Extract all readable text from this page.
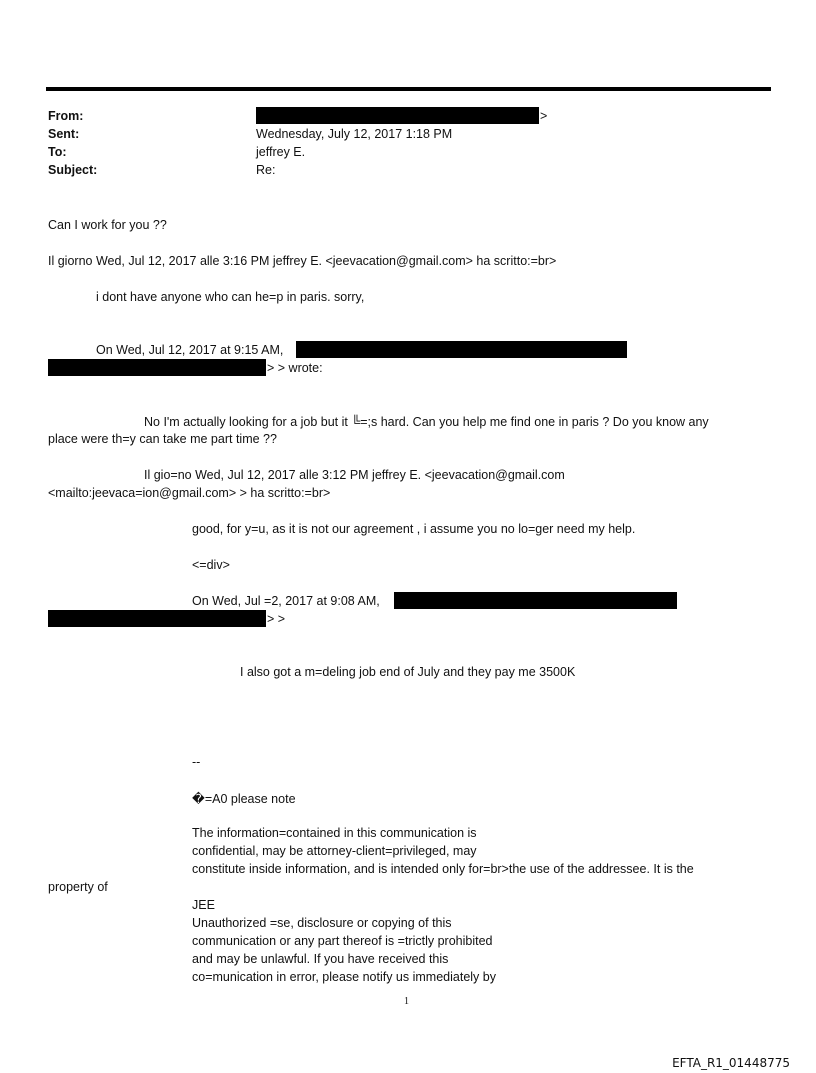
From:	>
Sent:	Wednesday, July 12, 2017 1:18 PM
To:	jeffrey E.
Subject:	Re:
Can I work for you ??
Il giorno Wed, Jul 12, 2017 alle 3:16 PM jeffrey E. <jeevacation@gmail.com> ha scritto:=br>
i dont have anyone who can he=p in paris. sorry,
On Wed, Jul 12, 2017 at 9:15 AM,
> > wrote:
No I'm actually looking for a job but it ╚=;s hard. Can you help me find one in paris ? Do you know any
place were th=y can take me part time ??
Il gio=no Wed, Jul 12, 2017 alle 3:12 PM jeffrey E. <jeevacation@gmail.com
<mailto:jeevaca=ion@gmail.com> > ha scritto:=br>
good, for y=u, as it is not our agreement , i assume you no lo=ger need my help.
<=div>
On Wed, Jul =2, 2017 at 9:08 AM,
> >
I also got a m=deling job end of July and they pay me 3500K
--
�=A0 please note
The information=contained in this communication is
confidential, may be attorney-client=privileged, may
constitute inside information, and is intended only for=br>the use of the addressee. It is the
property of
JEE
Unauthorized =se, disclosure or copying of this
communication or any part thereof is =trictly prohibited
and may be unlawful. If you have received this
co=munication in error, please notify us immediately by
1
EFTA_R1_01448775
